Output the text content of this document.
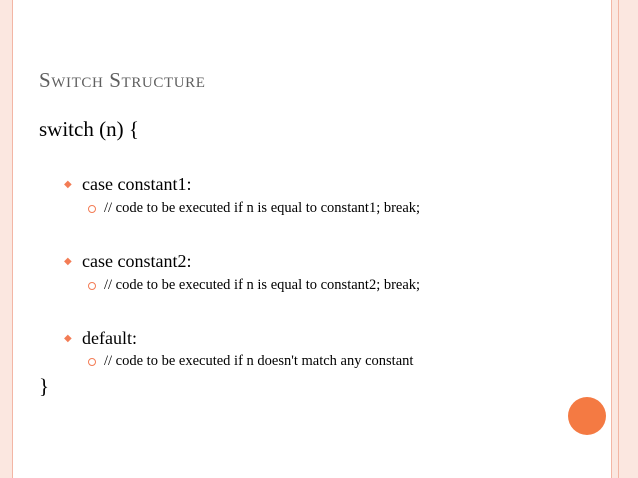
Switch Structure
switch (n) {
◆ case constant1:
// code to be executed if n is equal to constant1; break;
◆ case constant2:
// code to be executed if n is equal to constant2; break;
◆ default:
// code to be executed if n doesn't match any constant
}
